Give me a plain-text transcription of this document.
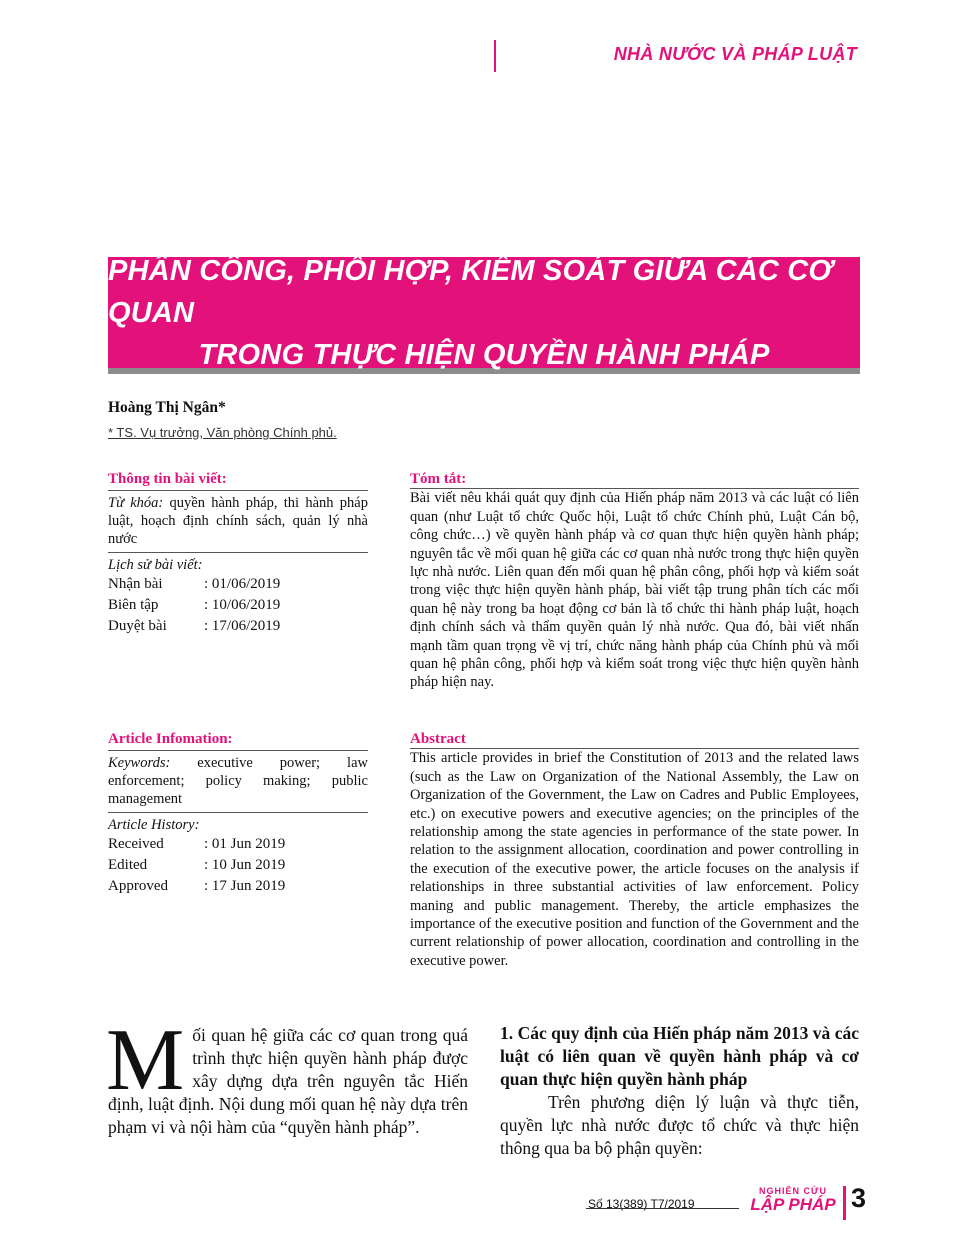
NHÀ NƯỚC VÀ PHÁP LUẬT
PHÂN CÔNG, PHỐI HỢP, KIỂM SOÁT GIỮA CÁC CƠ QUAN
TRONG THỰC HIỆN QUYỀN HÀNH PHÁP
Hoàng Thị Ngân*
* TS. Vụ trưởng, Văn phòng Chính phủ.
Thông tin bài viết:
Từ khóa: quyền hành pháp, thi hành pháp luật, hoạch định chính sách, quản lý nhà nước
Lịch sử bài viết:
Nhận bài	: 01/06/2019
Biên tập	: 10/06/2019
Duyệt bài	: 17/06/2019
Tóm tắt:

Bài viết nêu khái quát quy định của Hiến pháp năm 2013 và các luật có liên quan (như Luật tổ chức Quốc hội, Luật tổ chức Chính phủ, Luật Cán bộ, công chức…) về quyền hành pháp và cơ quan thực hiện quyền hành pháp; nguyên tắc về mối quan hệ giữa các cơ quan nhà nước trong thực hiện quyền lực nhà nước. Liên quan đến mối quan hệ phân công, phối hợp và kiểm soát trong việc thực hiện quyền hành pháp, bài viết tập trung phân tích các mối quan hệ này trong ba hoạt động cơ bản là tổ chức thi hành pháp luật, hoạch định chính sách và thẩm quyền quản lý nhà nước. Qua đó, bài viết nhấn mạnh tầm quan trọng về vị trí, chức năng hành pháp của Chính phủ và mối quan hệ phân công, phối hợp và kiểm soát trong việc thực hiện quyền hành pháp hiện nay.

Article Infomation:
Keywords: executive power; law enforcement; policy making; public management
Article History:
Received	: 01 Jun 2019
Edited	: 10 Jun 2019
Approved	: 17 Jun 2019
Abstract

This article provides in brief the Constitution of 2013 and the related laws (such as the Law on Organization of the National Assembly, the Law on Organization of the Government, the Law on Cadres and Public Employees, etc.) on executive powers and executive agencies; on the principles of the relationship among the state agencies in performance of the state power. In relation to the assignment allocation, coordination and power controlling in the execution of the executive power, the article focuses on the analysis if relationships in three substantial activities of law enforcement. Policy maning and public management. Thereby, the article emphasizes the importance of the executive position and function of the Government and the current relationship of power allocation, coordination and controlling in the executive power.

Mối quan hệ giữa các cơ quan trong quá trình thực hiện quyền hành pháp được xây dựng dựa trên nguyên tắc Hiến định, luật định. Nội dung mối quan hệ này dựa trên phạm vi và nội hàm của “quyền hành pháp”.

1. Các quy định của Hiến pháp năm 2013 và các luật có liên quan về quyền hành pháp và cơ quan thực hiện quyền hành pháp

Trên phương diện lý luận và thực tiễn, quyền lực nhà nước được tổ chức và thực hiện thông qua ba bộ phận quyền:

Số 13(389) T7/2019
NGHIÊN CỨU
LẬP PHÁP 3
